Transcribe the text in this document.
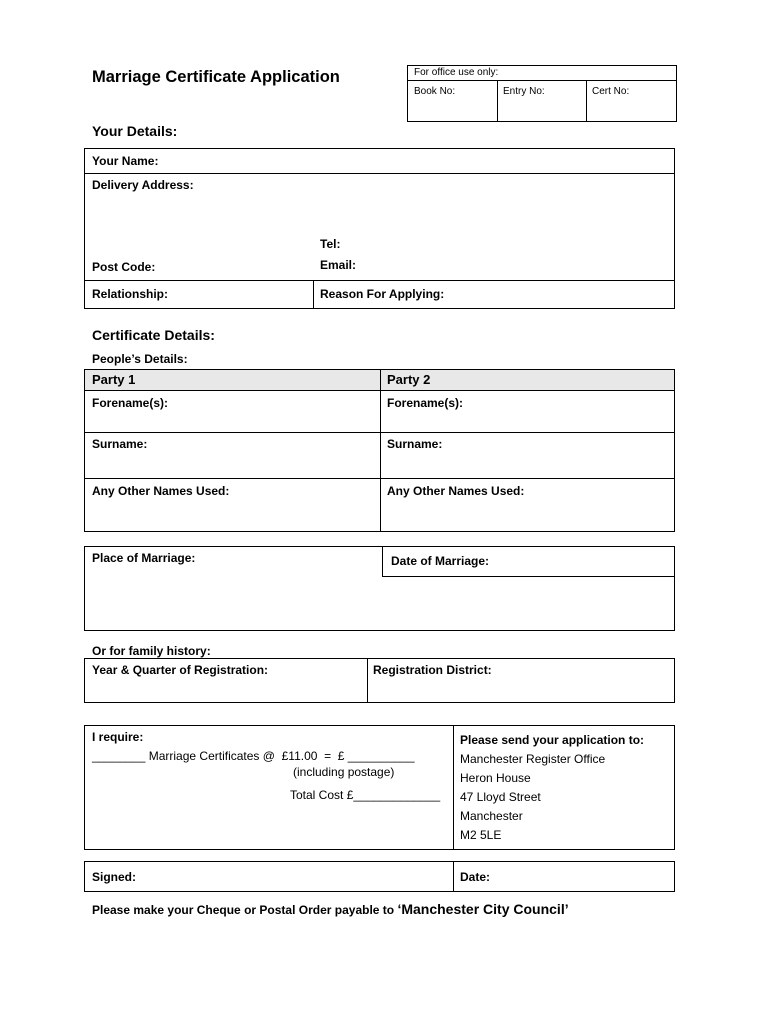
Marriage Certificate Application	For office use only:
Book No:	Entry No:	Cert No:
Your Details:
Your Name:
Delivery Address:
Tel:
Post Code:	Email:
Relationship:	Reason For Applying:
Certificate Details:
People’s Details:
Party 1	Party 2
Forename(s):	Forename(s):
Surname:	Surname:
Any Other Names Used:	Any Other Names Used:
Place of Marriage:	Date of Marriage:
Or for family history:
Year & Quarter of Registration:	Registration District:
I require:
________ Marriage Certificates @  £11.00  =  £ __________
(including postage)
Total Cost £_____________
Please send your application to:
Manchester Register Office
Heron House
47 Lloyd Street
Manchester
M2 5LE
Signed:	Date:
Please make your Cheque or Postal Order payable to ‘Manchester City Council’
